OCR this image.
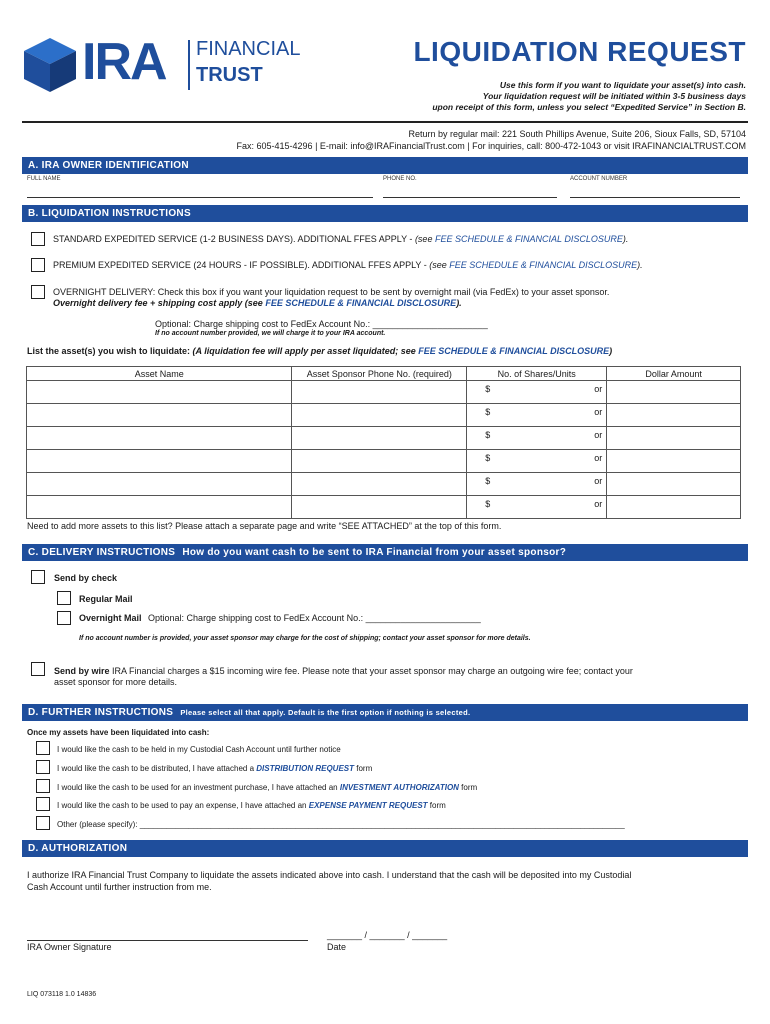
IRA FINANCIAL
TRUST
LIQUIDATION REQUEST
Use this form if you want to liquidate your asset(s) into cash.
Your liquidation request will be initiated within 3-5 business days
upon receipt of this form, unless you select “Expedited Service” in Section B.
Return by regular mail: 221 South Phillips Avenue, Suite 206, Sioux Falls, SD, 57104
Fax: 605-415-4296 | E-mail: info@IRAFinancialTrust.com | For inquiries, call: 800-472-1043 or visit IRAFINANCIALTRUST.COM
A. IRA OWNER IDENTIFICATION
FULL NAME	PHONE NO.	ACCOUNT NUMBER
B. LIQUIDATION INSTRUCTIONS
STANDARD EXPEDITED SERVICE (1-2 BUSINESS DAYS). ADDITIONAL FFES APPLY - (see FEE SCHEDULE & FINANCIAL DISCLOSURE).
PREMIUM EXPEDITED SERVICE (24 HOURS - IF POSSIBLE). ADDITIONAL FFES APPLY - (see FEE SCHEDULE & FINANCIAL DISCLOSURE).
OVERNIGHT DELIVERY: Check this box if you want your liquidation request to be sent by overnight mail (via FedEx) to your asset sponsor.
Overnight delivery fee + shipping cost apply (see FEE SCHEDULE & FINANCIAL DISCLOSURE).
Optional: Charge shipping cost to FedEx Account No.: _______________________
If no account number provided, we will charge it to your IRA account.
List the asset(s) you wish to liquidate: (A liquidation fee will apply per asset liquidated; see FEE SCHEDULE & FINANCIAL DISCLOSURE)
Asset Name	Asset Sponsor Phone No. (required)	No. of Shares/Units	Dollar Amount
		$ or	
		$ or	
		$ or	
		$ or	
		$ or	
		$ or	
Need to add more assets to this list? Please attach a separate page and write “SEE ATTACHED” at the top of this form.
C. DELIVERY INSTRUCTIONS How do you want cash to be sent to IRA Financial from your asset sponsor?
Send by check
Regular Mail
Overnight Mail Optional: Charge shipping cost to FedEx Account No.: _______________________
If no account number is provided, your asset sponsor may charge for the cost of shipping; contact your asset sponsor for more details.
Send by wire IRA Financial charges a $15 incoming wire fee. Please note that your asset sponsor may charge an outgoing wire fee; contact your
asset sponsor for more details.
D. FURTHER INSTRUCTIONS Please select all that apply. Default is the first option if nothing is selected.
Once my assets have been liquidated into cash:
I would like the cash to be held in my Custodial Cash Account until further notice
I would like the cash to be distributed, I have attached a DISTRIBUTION REQUEST form
I would like the cash to be used for an investment purchase, I have attached an INVESTMENT AUTHORIZATION form
I would like the cash to be used to pay an expense, I have attached an EXPENSE PAYMENT REQUEST form
Other (please specify): _____________________________________________________________________________________________________________
D. AUTHORIZATION
I authorize IRA Financial Trust Company to liquidate the assets indicated above into cash. I understand that the cash will be deposited into my Custodial
Cash Account until further instruction from me.
IRA Owner Signature
_______ / _______ / _______
Date
LIQ 073118 1.0 14836
